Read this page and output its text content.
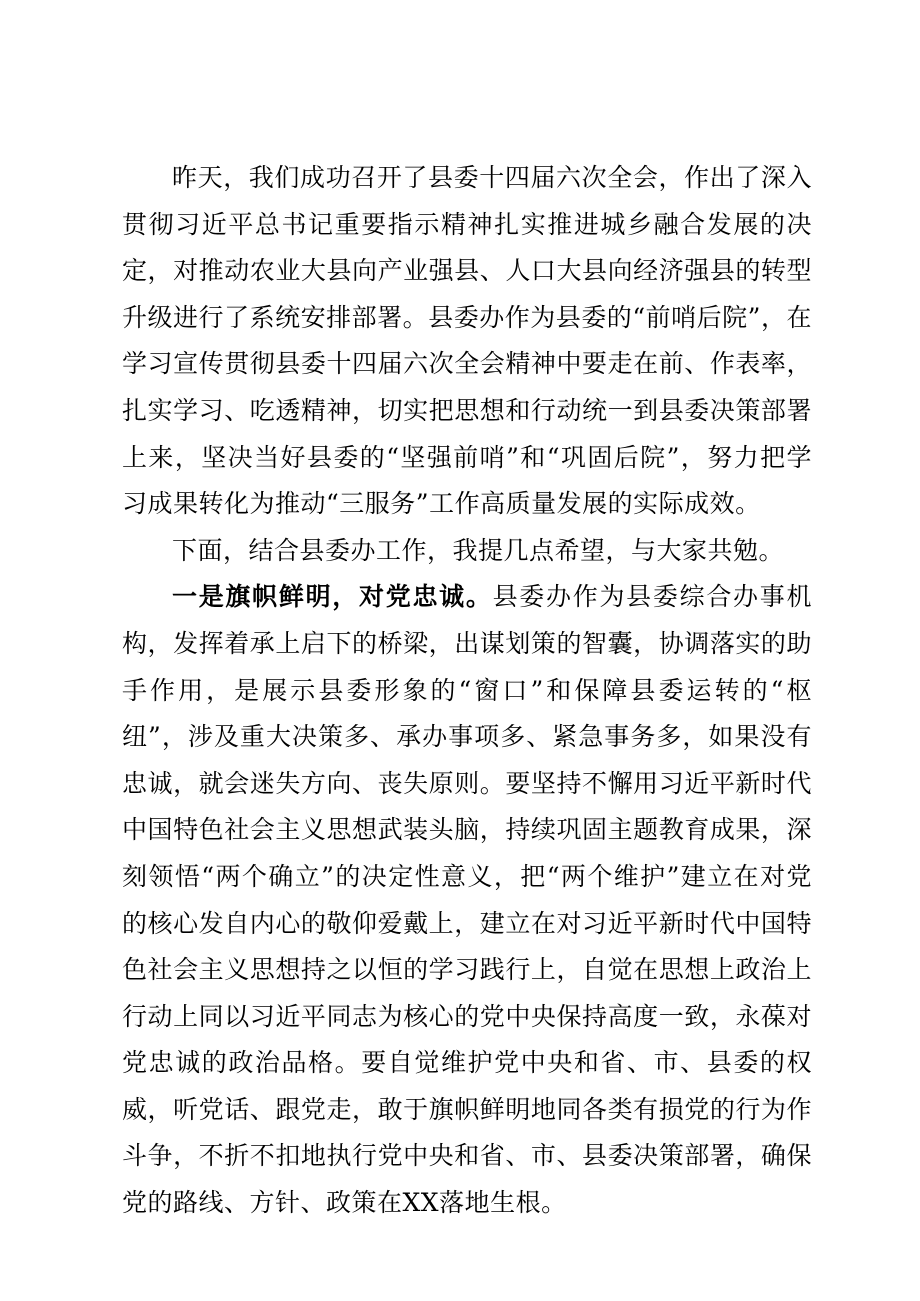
昨天，我们成功召开了县委十四届六次全会，作出了深入贯彻习近平总书记重要指示精神扎实推进城乡融合发展的决定，对推动农业大县向产业强县、人口大县向经济强县的转型升级进行了系统安排部署。县委办作为县委的“前哨后院”，在学习宣传贯彻县委十四届六次全会精神中要走在前、作表率，扎实学习、吃透精神，切实把思想和行动统一到县委决策部署上来，坚决当好县委的“坚强前哨”和“巩固后院”，努力把学习成果转化为推动“三服务”工作高质量发展的实际成效。

下面，结合县委办工作，我提几点希望，与大家共勉。

一是旗帜鲜明，对党忠诚。县委办作为县委综合办事机构，发挥着承上启下的桥梁，出谋划策的智囊，协调落实的助手作用，是展示县委形象的“窗口”和保障县委运转的“枢纽”，涉及重大决策多、承办事项多、紧急事务多，如果没有忠诚，就会迷失方向、丧失原则。要坚持不懈用习近平新时代中国特色社会主义思想武装头脑，持续巩固主题教育成果，深刻领悟“两个确立”的决定性意义，把“两个维护”建立在对党的核心发自内心的敬仰爱戴上，建立在对习近平新时代中国特色社会主义思想持之以恒的学习践行上，自觉在思想上政治上行动上同以习近平同志为核心的党中央保持高度一致，永葆对党忠诚的政治品格。要自觉维护党中央和省、市、县委的权威，听党话、跟党走，敢于旗帜鲜明地同各类有损党的行为作斗争，不折不扣地执行党中央和省、市、县委决策部署，确保党的路线、方针、政策在XX落地生根。
